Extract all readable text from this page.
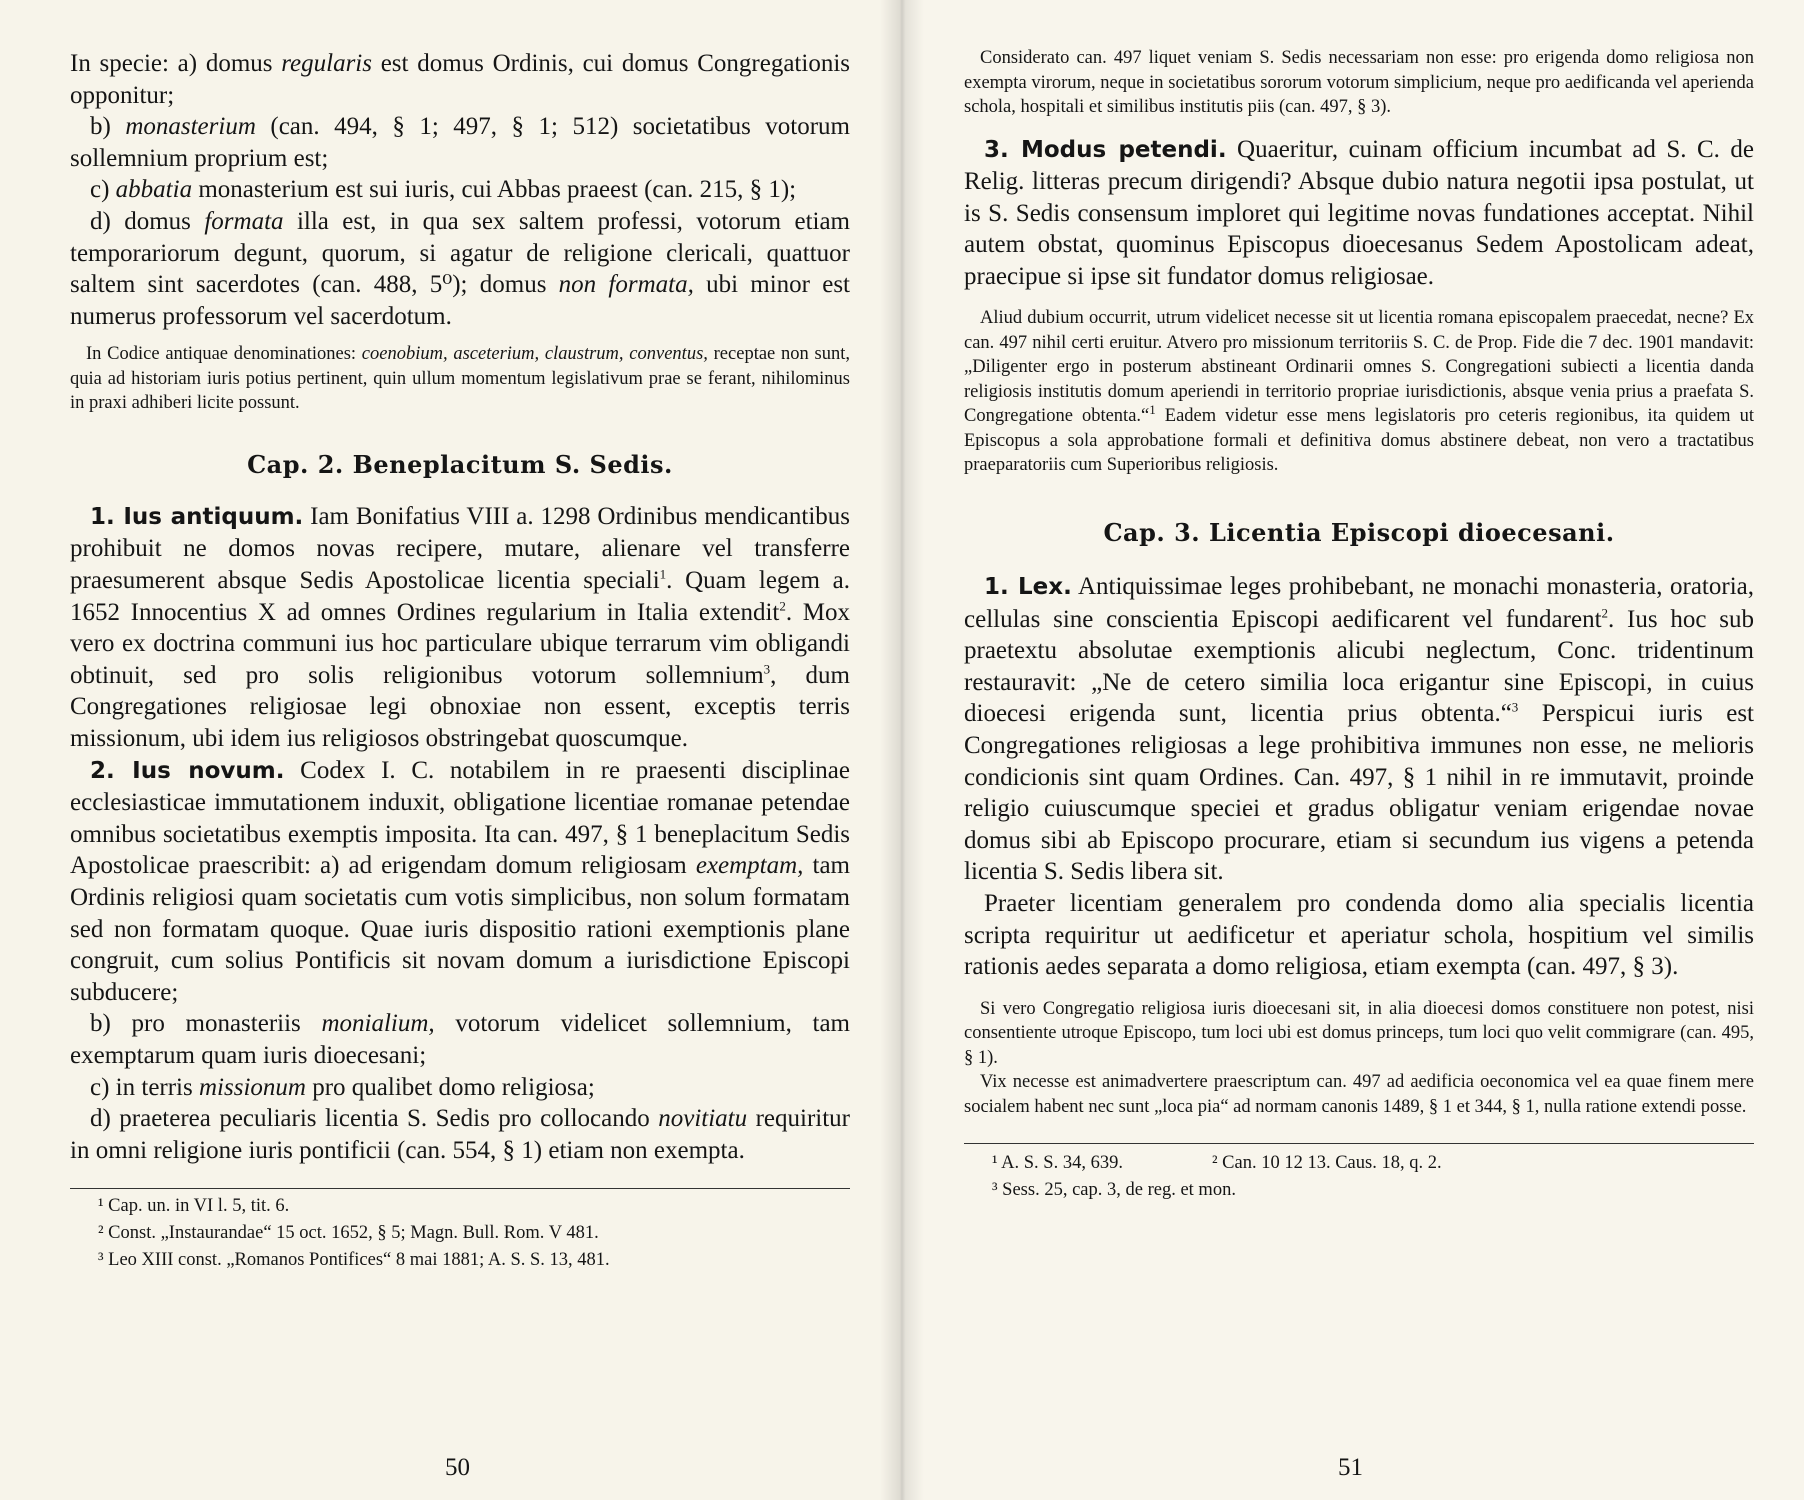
In specie: a) domus regularis est domus Ordinis, cui domus Congregationis opponitur;

b) monasterium (can. 494, § 1; 497, § 1; 512) societatibus votorum sollemnium proprium est;

c) abbatia monasterium est sui iuris, cui Abbas praeest (can. 215, § 1);

d) domus formata illa est, in qua sex saltem professi, votorum etiam temporariorum degunt, quorum, si agatur de religione clericali, quattuor saltem sint sacerdotes (can. 488, 5⁰); domus non formata, ubi minor est numerus professorum vel sacerdotum.

In Codice antiquae denominationes: coenobium, asceterium, claustrum, conventus, receptae non sunt, quia ad historiam iuris potius pertinent, quin ullum momentum legislativum prae se ferant, nihilominus in praxi adhiberi licite possunt.

Cap. 2. Beneplacitum S. Sedis.

1. Ius antiquum. Iam Bonifatius VIII a. 1298 Ordinibus mendicantibus prohibuit ne domos novas recipere, mutare, alienare vel transferre praesumerent absque Sedis Apostolicae licentia speciali$^1$. Quam legem a. 1652 Innocentius X ad omnes Ordines regularium in Italia extendit$^2$. Mox vero ex doctrina communi ius hoc particulare ubique terrarum vim obligandi obtinuit, sed pro solis religionibus votorum sollemnium$^3$, dum Congregationes religiosae legi obnoxiae non essent, exceptis terris missionum, ubi idem ius religiosos obstringebat quoscumque.

2. Ius novum. Codex I. C. notabilem in re praesenti disciplinae ecclesiasticae immutationem induxit, obligatione licentiae romanae petendae omnibus societatibus exemptis imposita. Ita can. 497, § 1 beneplacitum Sedis Apostolicae praescribit: a) ad erigendam domum religiosam exemptam, tam Ordinis religiosi quam societatis cum votis simplicibus, non solum formatam sed non formatam quoque. Quae iuris dispositio rationi exemptionis plane congruit, cum solius Pontificis sit novam domum a iurisdictione Episcopi subducere;

b) pro monasteriis monialium, votorum videlicet sollemnium, tam exemptarum quam iuris dioecesani;

c) in terris missionum pro qualibet domo religiosa;

d) praeterea peculiaris licentia S. Sedis pro collocando novitiatu requiritur in omni religione iuris pontificii (can. 554, § 1) etiam non exempta.

¹ Cap. un. in VI l. 5, tit. 6.

² Const. „Instaurandae“ 15 oct. 1652, § 5; Magn. Bull. Rom. V 481.

³ Leo XIII const. „Romanos Pontifices“ 8 mai 1881; A. S. S. 13, 481.

50

Considerato can. 497 liquet veniam S. Sedis necessariam non esse: pro erigenda domo religiosa non exempta virorum, neque in societatibus sororum votorum simplicium, neque pro aedificanda vel aperienda schola, hospitali et similibus institutis piis (can. 497, § 3).

3. Modus petendi. Quaeritur, cuinam officium incumbat ad S. C. de Relig. litteras precum dirigendi? Absque dubio natura negotii ipsa postulat, ut is S. Sedis consensum imploret qui legitime novas fundationes acceptat. Nihil autem obstat, quominus Episcopus dioecesanus Sedem Apostolicam adeat, praecipue si ipse sit fundator domus religiosae.

Aliud dubium occurrit, utrum videlicet necesse sit ut licentia romana episcopalem praecedat, necne? Ex can. 497 nihil certi eruitur. Atvero pro missionum territoriis S. C. de Prop. Fide die 7 dec. 1901 mandavit: „Diligenter ergo in posterum abstineant Ordinarii omnes S. Congregationi subiecti a licentia danda religiosis institutis domum aperiendi in territorio propriae iurisdictionis, absque venia prius a praefata S. Congregatione obtenta.“$^1$ Eadem videtur esse mens legislatoris pro ceteris regionibus, ita quidem ut Episcopus a sola approbatione formali et definitiva domus abstinere debeat, non vero a tractatibus praeparatoriis cum Superioribus religiosis.

Cap. 3. Licentia Episcopi dioecesani.

1. Lex. Antiquissimae leges prohibebant, ne monachi monasteria, oratoria, cellulas sine conscientia Episcopi aedificarent vel fundarent$^2$. Ius hoc sub praetextu absolutae exemptionis alicubi neglectum, Conc. tridentinum restauravit: „Ne de cetero similia loca erigantur sine Episcopi, in cuius dioecesi erigenda sunt, licentia prius obtenta.“$^3$ Perspicui iuris est Congregationes religiosas a lege prohibitiva immunes non esse, ne melioris condicionis sint quam Ordines. Can. 497, § 1 nihil in re immutavit, proinde religio cuiuscumque speciei et gradus obligatur veniam erigendae novae domus sibi ab Episcopo procurare, etiam si secundum ius vigens a petenda licentia S. Sedis libera sit.

Praeter licentiam generalem pro condenda domo alia specialis licentia scripta requiritur ut aedificetur et aperiatur schola, hospitium vel similis rationis aedes separata a domo religiosa, etiam exempta (can. 497, § 3).

Si vero Congregatio religiosa iuris dioecesani sit, in alia dioecesi domos constituere non potest, nisi consentiente utroque Episcopo, tum loci ubi est domus princeps, tum loci quo velit commigrare (can. 495, § 1).

Vix necesse est animadvertere praescriptum can. 497 ad aedificia oeconomica vel ea quae finem mere socialem habent nec sunt „loca pia“ ad normam canonis 1489, § 1 et 344, § 1, nulla ratione extendi posse.

¹ A. S. S. 34, 639.	² Can. 10 12 13. Caus. 18, q. 2.

³ Sess. 25, cap. 3, de reg. et mon.

51
